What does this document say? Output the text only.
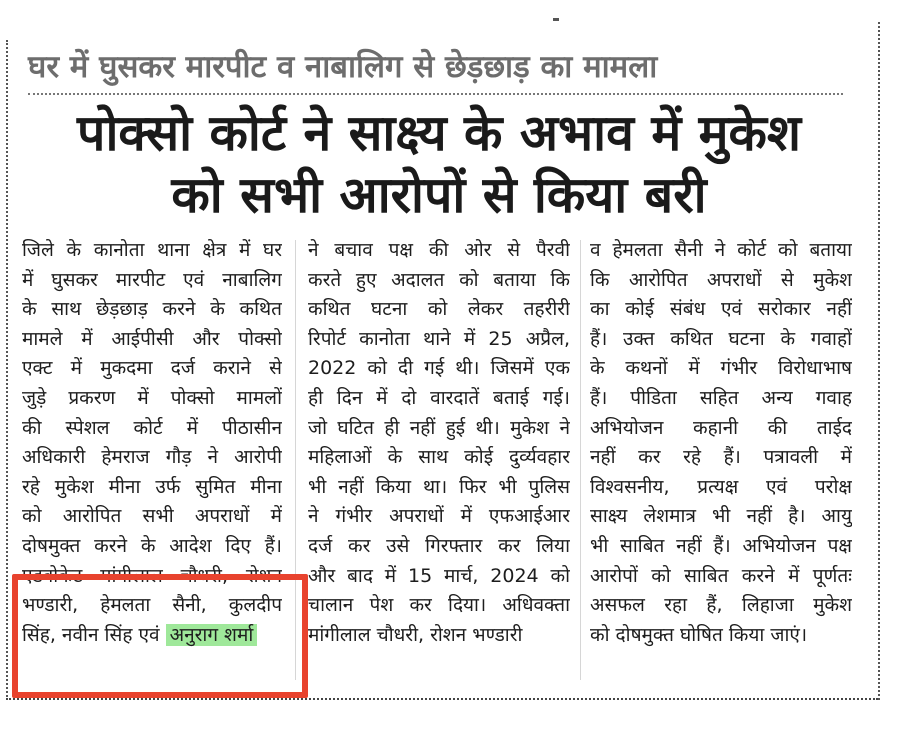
घर में घुसकर मारपीट व नाबालिग से छेड़छाड़ का मामला
पोक्सो कोर्ट ने साक्ष्य के अभाव में मुकेश
को सभी आरोपों से किया बरी
जिले के कानोता थाना क्षेत्र में घर
में घुसकर मारपीट एवं नाबालिग
के साथ छेड़छाड़ करने के कथित
मामले में आईपीसी और पोक्सो
एक्ट में मुकदमा दर्ज कराने से
जुड़े प्रकरण में पोक्सो मामलों
की स्पेशल कोर्ट में पीठासीन
अधिकारी हेमराज गौड़ ने आरोपी
रहे मुकेश मीना उर्फ सुमित मीना
को आरोपित सभी अपराधों में
दोषमुक्त करने के आदेश दिए हैं।
एडवोकेट मांगीलाल चौधरी, रोशन
भण्डारी, हेमलता सैनी, कुलदीप
सिंह, नवीन सिंह एवं अनुराग शर्मा
ने बचाव पक्ष की ओर से पैरवी
करते हुए अदालत को बताया कि
कथित घटना को लेकर तहरीरी
रिपोर्ट कानोता थाने में 25 अप्रैल,
2022 को दी गई थी। जिसमें एक
ही दिन में दो वारदातें बताई गई।
जो घटित ही नहीं हुई थी। मुकेश ने
महिलाओं के साथ कोई दुर्व्यवहार
भी नहीं किया था। फिर भी पुलिस
ने गंभीर अपराधों में एफआईआर
दर्ज कर उसे गिरफ्तार कर लिया
और बाद में 15 मार्च, 2024 को
चालान पेश कर दिया। अधिवक्ता
मांगीलाल चौधरी, रोशन भण्डारी
व हेमलता सैनी ने कोर्ट को बताया
कि आरोपित अपराधों से मुकेश
का कोई संबंध एवं सरोकार नहीं
हैं। उक्त कथित घटना के गवाहों
के कथनों में गंभीर विरोधाभाष
हैं। पीडिता सहित अन्य गवाह
अभियोजन कहानी की ताईद
नहीं कर रहे हैं। पत्रावली में
विश्वसनीय, प्रत्यक्ष एवं परोक्ष
साक्ष्य लेशमात्र भी नहीं है। आयु
भी साबित नहीं हैं। अभियोजन पक्ष
आरोपों को साबित करने में पूर्णतः
असफल रहा हैं, लिहाजा मुकेश
को दोषमुक्त घोषित किया जाएं।
